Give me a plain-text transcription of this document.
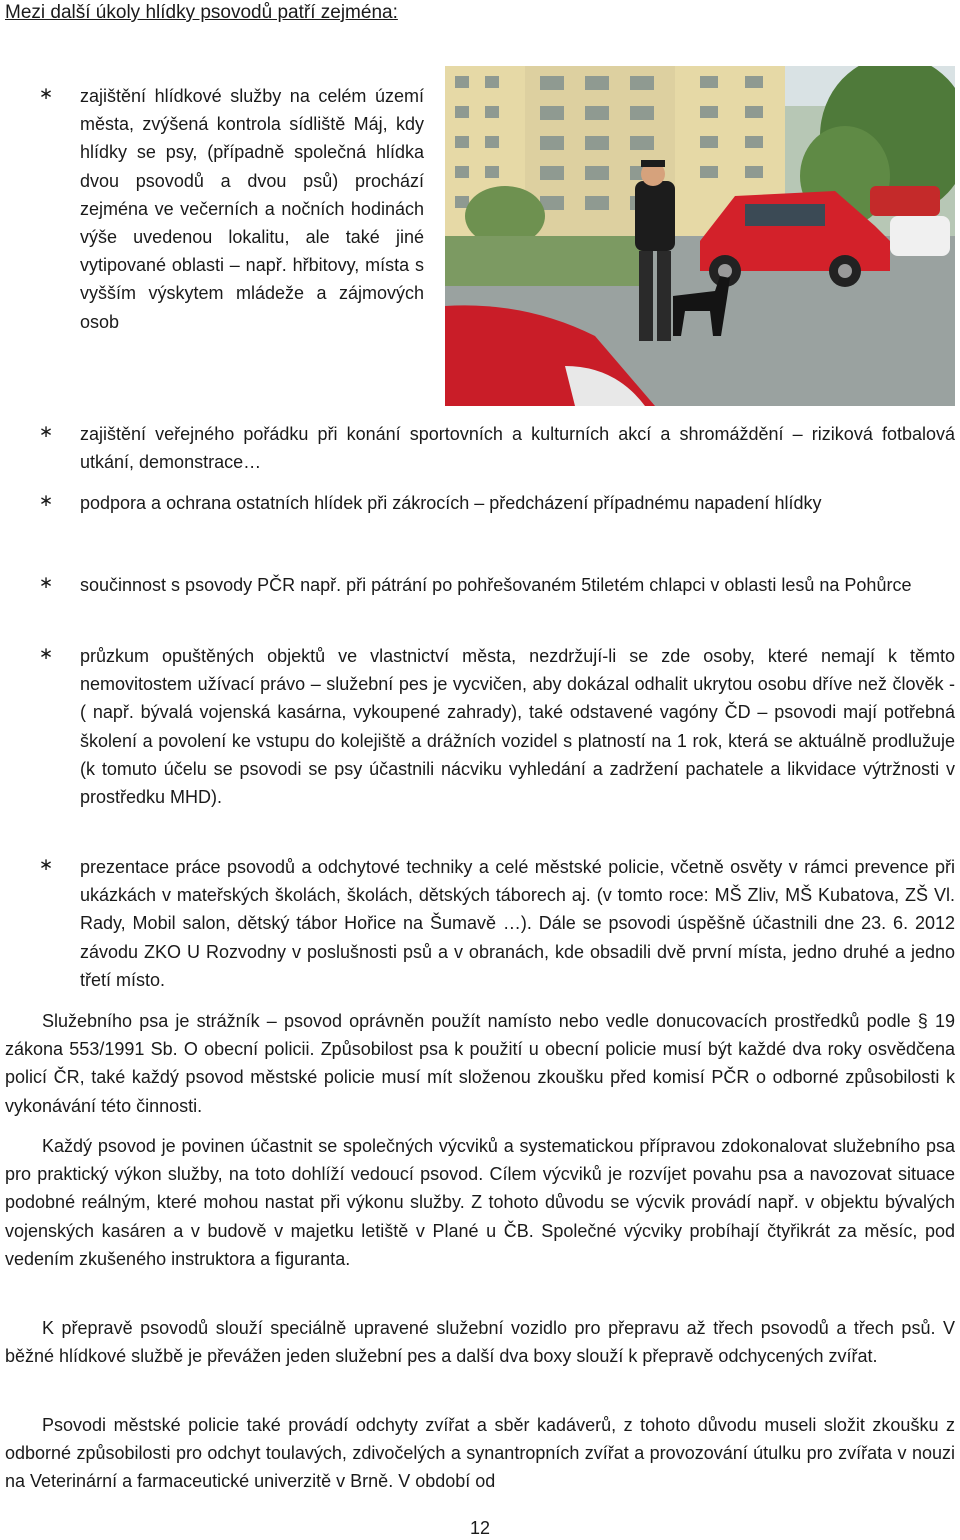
Mezi další úkoly hlídky psovodů patří zejména:
∗ zajištění hlídkové služby na celém území města, zvýšená kontrola sídliště Máj, kdy hlídky se psy, (případně společná hlídka dvou psovodů a dvou psů) prochází zejména ve večerních a nočních hodinách výše uvedenou lokalitu, ale také jiné vytipované oblasti – např. hřbitovy, místa s vyšším výskytem mládeže a zájmových osob
∗ zajištění veřejného pořádku při konání sportovních a kulturních akcí a shromáždění – riziková fotbalová utkání, demonstrace…
∗ podpora a ochrana ostatních hlídek při zákrocích – předcházení případnému napadení hlídky
∗ součinnost s psovody PČR např. při pátrání po pohřešovaném 5tiletém chlapci v oblasti lesů na Pohůrce
∗ průzkum opuštěných objektů ve vlastnictví města, nezdržují-li se zde osoby, které nemají k těmto nemovitostem užívací právo – služební pes je vycvičen, aby dokázal odhalit ukrytou osobu dříve než člověk - ( např. bývalá vojenská kasárna, vykoupené zahrady), také odstavené vagóny ČD – psovodi mají potřebná školení a povolení ke vstupu do kolejiště a drážních vozidel s platností na 1 rok, která se aktuálně prodlužuje (k tomuto účelu se psovodi se psy účastnili nácviku vyhledání a zadržení pachatele a likvidace výtržnosti v prostředku MHD).
∗ prezentace práce psovodů a odchytové techniky a celé městské policie, včetně osvěty v rámci prevence při ukázkách v mateřských školách, školách, dětských táborech aj. (v tomto roce: MŠ Zliv, MŠ Kubatova, ZŠ Vl. Rady, Mobil salon, dětský tábor Hořice na Šumavě …). Dále se psovodi úspěšně účastnili dne 23. 6. 2012 závodu ZKO U Rozvodny v poslušnosti psů a v obranách, kde obsadili dvě první místa, jedno druhé a jedno třetí místo.

Služebního psa je strážník – psovod oprávněn použít namísto nebo vedle donucovacích prostředků podle § 19 zákona 553/1991 Sb. O obecní policii. Způsobilost psa k použití u obecní policie musí být každé dva roky osvědčena policí ČR, také každý psovod městské policie musí mít složenou zkoušku před komisí PČR o odborné způsobilosti k vykonávání této činnosti.

Každý psovod je povinen účastnit se společných výcviků a systematickou přípravou zdokonalovat služebního psa pro praktický výkon služby, na toto dohlíží vedoucí psovod. Cílem výcviků je rozvíjet povahu psa a navozovat situace podobné reálným, které mohou nastat při výkonu služby. Z tohoto důvodu se výcvik provádí např. v objektu bývalých vojenských kasáren a v budově v majetku letiště v Plané u ČB. Společné výcviky probíhají čtyřikrát za měsíc, pod vedením zkušeného instruktora a figuranta.

K přepravě psovodů slouží speciálně upravené služební vozidlo pro přepravu až třech psovodů a třech psů. V běžné hlídkové službě je převážen jeden služební pes a další dva boxy slouží k přepravě odchycených zvířat.

Psovodi městské policie také provádí odchyty zvířat a sběr kadáverů, z tohoto důvodu museli složit zkoušku z odborné způsobilosti pro odchyt toulavých, zdivočelých a synantropních zvířat a provozování útulku pro zvířata v nouzi na Veterinární a farmaceutické univerzitě v Brně. V období od

12
